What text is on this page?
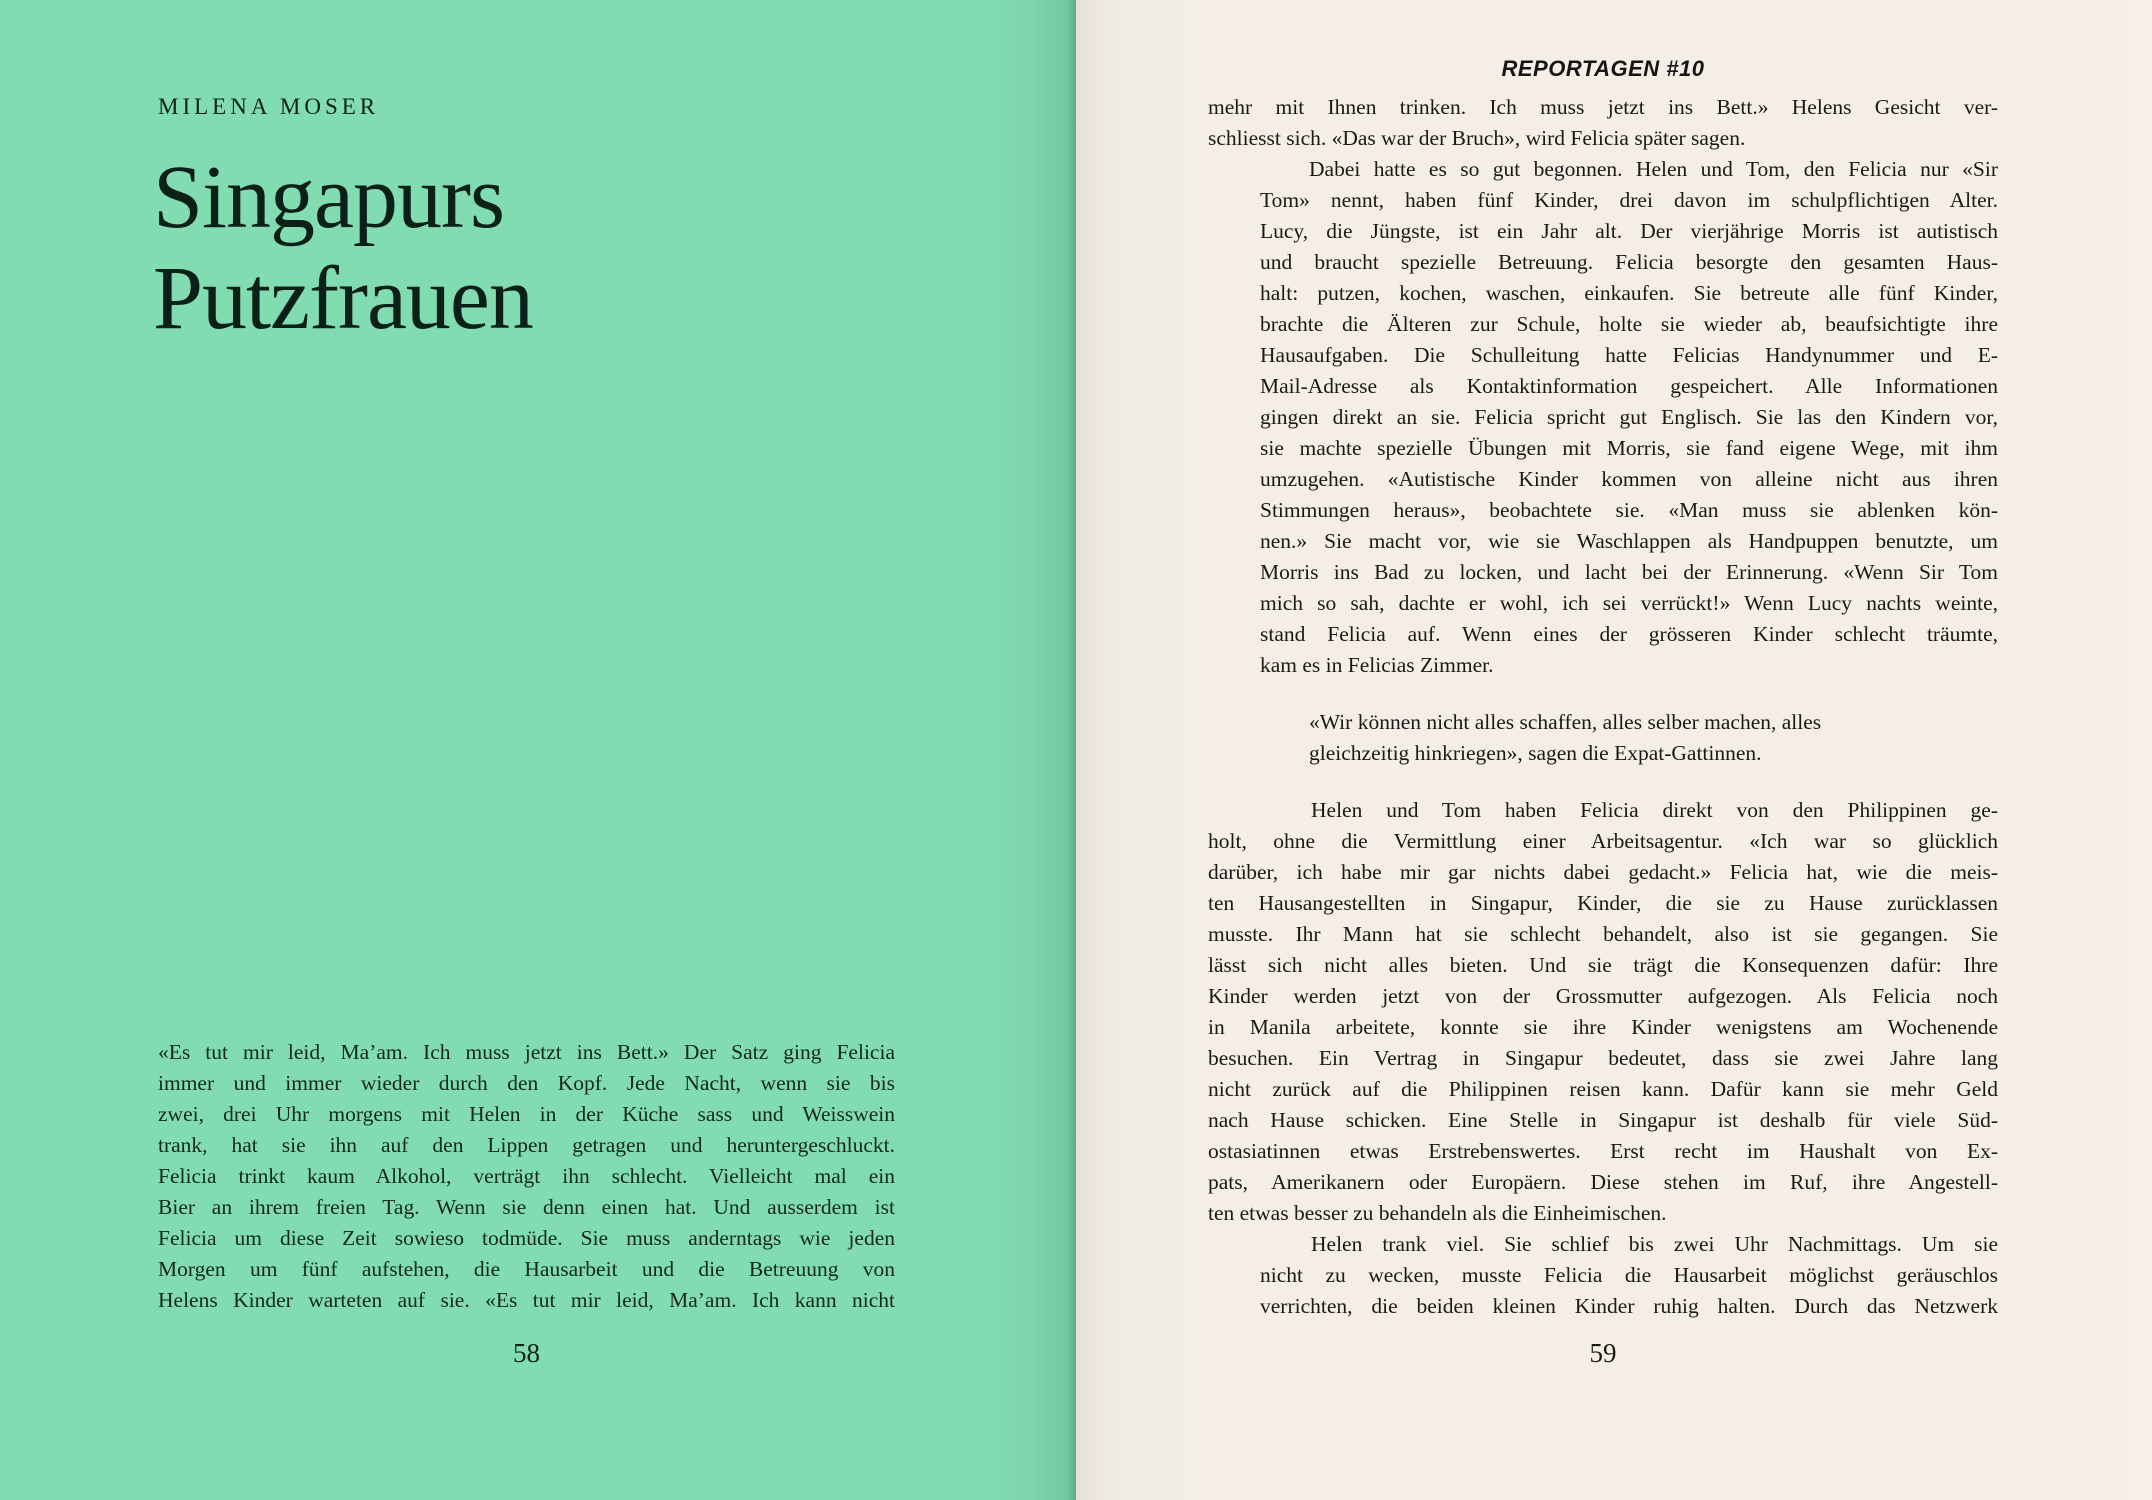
MILENA MOSER
Singapurs
Putzfrauen
«Es tut mir leid, Ma’am. Ich muss jetzt ins Bett.» Der Satz ging Felicia
immer und immer wieder durch den Kopf. Jede Nacht, wenn sie bis
zwei, drei Uhr morgens mit Helen in der Küche sass und Weisswein
trank, hat sie ihn auf den Lippen getragen und heruntergeschluckt.
Felicia trinkt kaum Alkohol, verträgt ihn schlecht. Vielleicht mal ein
Bier an ihrem freien Tag. Wenn sie denn einen hat. Und ausserdem ist
Felicia um diese Zeit sowieso todmüde. Sie muss anderntags wie jeden
Morgen um fünf aufstehen, die Hausarbeit und die Betreuung von
Helens Kinder warteten auf sie. «Es tut mir leid, Ma’am. Ich kann nicht
58
REPORTAGEN #10
mehr mit Ihnen trinken. Ich muss jetzt ins Bett.» Helens Gesicht ver-
schliesst sich. «Das war der Bruch», wird Felicia später sagen.
Dabei hatte es so gut begonnen. Helen und Tom, den Felicia nur «Sir
Tom» nennt, haben fünf Kinder, drei davon im schulpflichtigen Alter.
Lucy, die Jüngste, ist ein Jahr alt. Der vierjährige Morris ist autistisch
und braucht spezielle Betreuung. Felicia besorgte den gesamten Haus-
halt: putzen, kochen, waschen, einkaufen. Sie betreute alle fünf Kinder,
brachte die Älteren zur Schule, holte sie wieder ab, beaufsichtigte ihre
Hausaufgaben. Die Schulleitung hatte Felicias Handynummer und E-
Mail-Adresse als Kontaktinformation gespeichert. Alle Informationen
gingen direkt an sie. Felicia spricht gut Englisch. Sie las den Kindern vor,
sie machte spezielle Übungen mit Morris, sie fand eigene Wege, mit ihm
umzugehen. «Autistische Kinder kommen von alleine nicht aus ihren
Stimmungen heraus», beobachtete sie. «Man muss sie ablenken kön-
nen.» Sie macht vor, wie sie Waschlappen als Handpuppen benutzte, um
Morris ins Bad zu locken, und lacht bei der Erinnerung. «Wenn Sir Tom
mich so sah, dachte er wohl, ich sei verrückt!» Wenn Lucy nachts weinte,
stand Felicia auf. Wenn eines der grösseren Kinder schlecht träumte,
kam es in Felicias Zimmer.
«Wir können nicht alles schaffen, alles selber machen, alles
gleichzeitig hinkriegen», sagen die Expat-Gattinnen.
Helen und Tom haben Felicia direkt von den Philippinen ge-
holt, ohne die Vermittlung einer Arbeitsagentur. «Ich war so glücklich
darüber, ich habe mir gar nichts dabei gedacht.» Felicia hat, wie die meis-
ten Hausangestellten in Singapur, Kinder, die sie zu Hause zurücklassen
musste. Ihr Mann hat sie schlecht behandelt, also ist sie gegangen. Sie
lässt sich nicht alles bieten. Und sie trägt die Konsequenzen dafür: Ihre
Kinder werden jetzt von der Grossmutter aufgezogen. Als Felicia noch
in Manila arbeitete, konnte sie ihre Kinder wenigstens am Wochenende
besuchen. Ein Vertrag in Singapur bedeutet, dass sie zwei Jahre lang
nicht zurück auf die Philippinen reisen kann. Dafür kann sie mehr Geld
nach Hause schicken. Eine Stelle in Singapur ist deshalb für viele Süd-
ostasiatinnen etwas Erstrebenswertes. Erst recht im Haushalt von Ex-
pats, Amerikanern oder Europäern. Diese stehen im Ruf, ihre Angestell-
ten etwas besser zu behandeln als die Einheimischen.
Helen trank viel. Sie schlief bis zwei Uhr Nachmittags. Um sie
nicht zu wecken, musste Felicia die Hausarbeit möglichst geräuschlos
verrichten, die beiden kleinen Kinder ruhig halten. Durch das Netzwerk
59
